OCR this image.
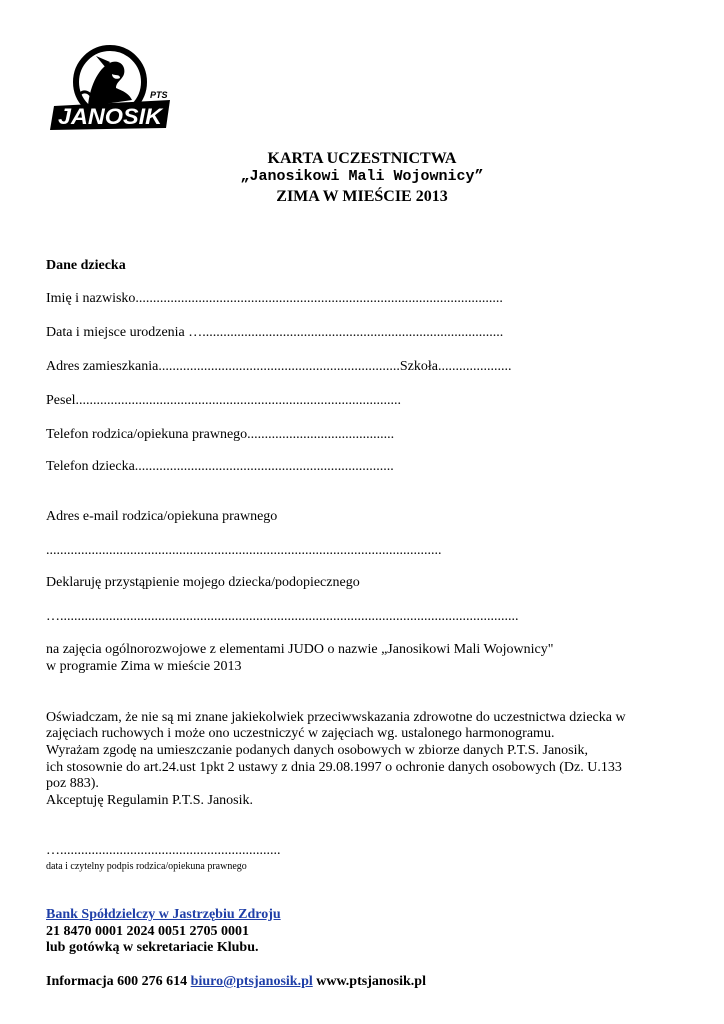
PTS
JANOSIK
KARTA UCZESTNICTWA
„Janosikowi Mali Wojownicy”
ZIMA W MIEŚCIE 2013
Dane dziecka
Imię i nazwisko.........................................................................................................
Data i miejsce urodzenia …......................................................................................
Adres zamieszkania.....................................................................Szkoła.....................
Pesel.............................................................................................
Telefon rodzica/opiekuna prawnego..........................................
Telefon dziecka..........................................................................
Adres e-mail rodzica/opiekuna prawnego
.................................................................................................................
Deklaruję przystąpienie mojego dziecka/podopiecznego
…...................................................................................................................................
na zajęcia ogólnorozwojowe z elementami JUDO o nazwie „Janosikowi Mali Wojownicy"
w programie Zima w mieście 2013
Oświadczam, że nie są mi znane jakiekolwiek przeciwwskazania zdrowotne do uczestnictwa dziecka w
zajęciach ruchowych i może ono uczestniczyć w zajęciach wg. ustalonego harmonogramu.
Wyrażam zgodę na umieszczanie podanych danych osobowych w zbiorze danych P.T.S. Janosik,
ich stosownie do art.24.ust 1pkt 2 ustawy z dnia 29.08.1997 o ochronie danych osobowych (Dz. U.133
poz 883).
Akceptuję Regulamin P.T.S. Janosik.
…...............................................................
data i czytelny podpis rodzica/opiekuna prawnego
Bank Spółdzielczy w Jastrzębiu Zdroju
21 8470 0001 2024 0051 2705 0001
lub gotówką w sekretariacie Klubu.
Informacja 600 276 614 biuro@ptsjanosik.pl www.ptsjanosik.pl
